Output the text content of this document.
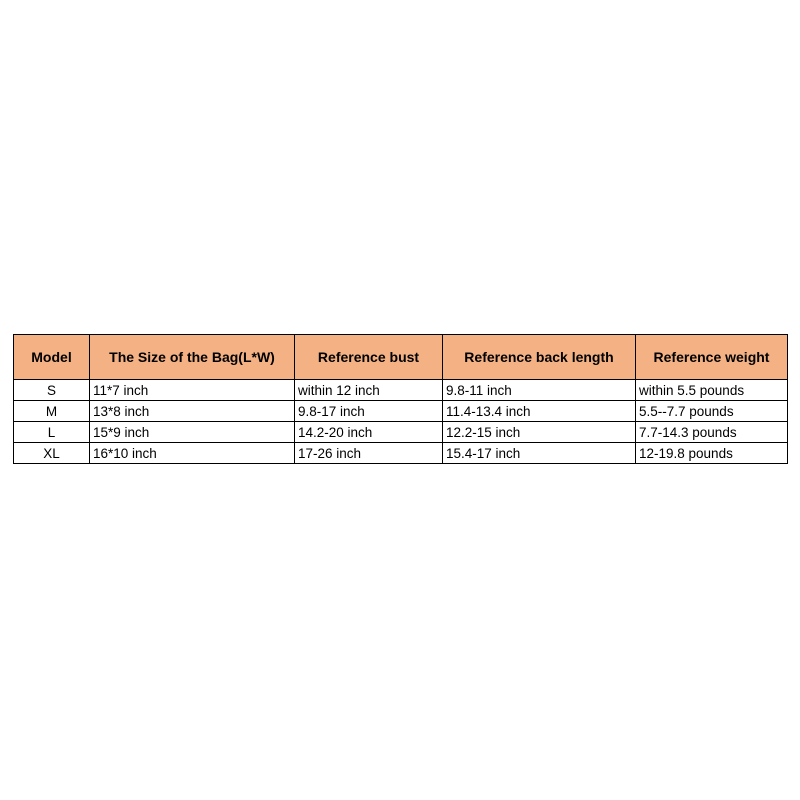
Model	The Size of the Bag(L*W)	Reference bust	Reference back length	Reference weight
S	11*7 inch	within 12 inch	9.8-11 inch	within 5.5 pounds
M	13*8 inch	9.8-17 inch	11.4-13.4 inch	5.5--7.7 pounds
L	15*9 inch	14.2-20 inch	12.2-15 inch	7.7-14.3 pounds
XL	16*10 inch	17-26 inch	15.4-17 inch	12-19.8 pounds
